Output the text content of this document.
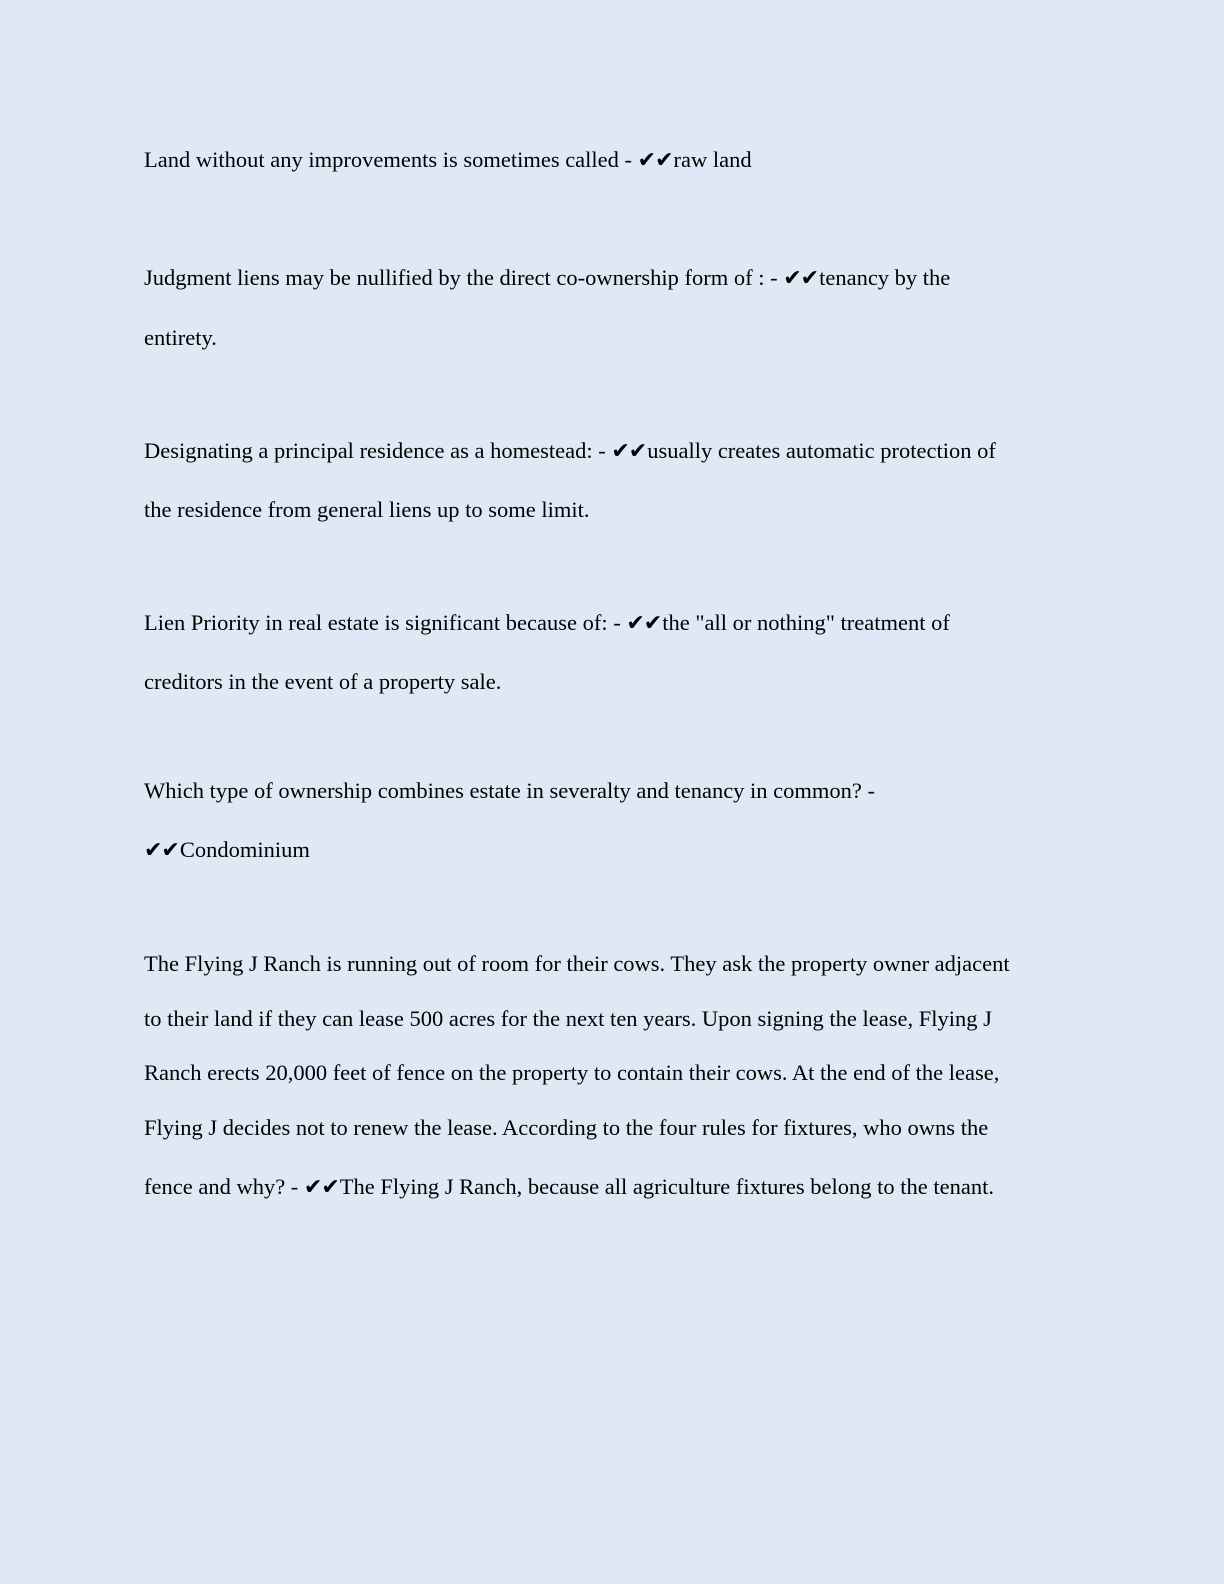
Land without any improvements is sometimes called - ✔✔raw land

Judgment liens may be nullified by the direct co-ownership form of : - ✔✔tenancy by the

entirety.

Designating a principal residence as a homestead: - ✔✔usually creates automatic protection of

the residence from general liens up to some limit.

Lien Priority in real estate is significant because of: - ✔✔the "all or nothing" treatment of

creditors in the event of a property sale.

Which type of ownership combines estate in severalty and tenancy in common? -

✔✔Condominium

The Flying J Ranch is running out of room for their cows. They ask the property owner adjacent

to their land if they can lease 500 acres for the next ten years. Upon signing the lease, Flying J

Ranch erects 20,000 feet of fence on the property to contain their cows. At the end of the lease,

Flying J decides not to renew the lease. According to the four rules for fixtures, who owns the

fence and why? - ✔✔The Flying J Ranch, because all agriculture fixtures belong to the tenant.
